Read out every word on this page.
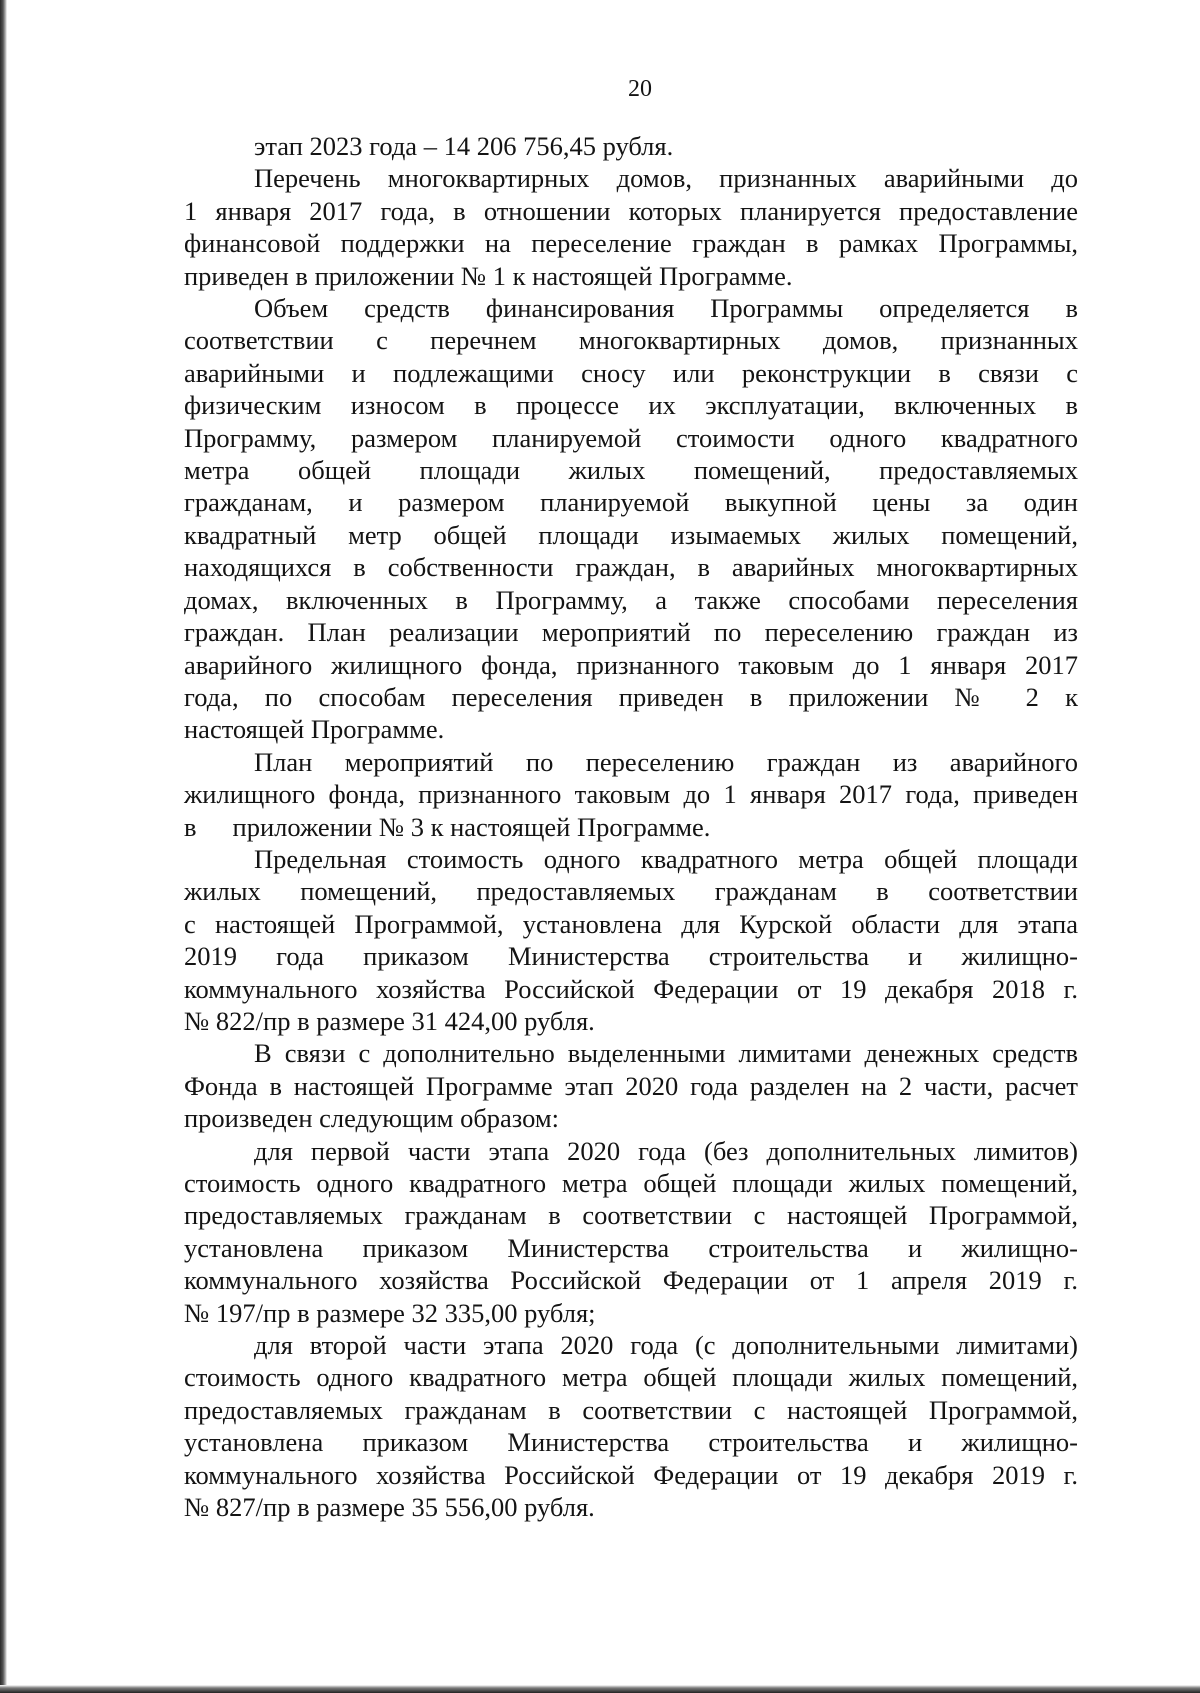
20
этап 2023 года – 14 206 756,45 рубля.
Перечень многоквартирных домов, признанных аварийными до
1 января 2017 года, в отношении которых планируется предоставление
финансовой поддержки на переселение граждан в рамках Программы,
приведен в приложении № 1 к настоящей Программе.
Объем средств финансирования Программы определяется в
соответствии с перечнем многоквартирных домов, признанных
аварийными и подлежащими сносу или реконструкции в связи с
физическим износом в процессе их эксплуатации, включенных в
Программу, размером планируемой стоимости одного квадратного
метра общей площади жилых помещений, предоставляемых
гражданам, и размером планируемой выкупной цены за один
квадратный метр общей площади изымаемых жилых помещений,
находящихся в собственности граждан, в аварийных многоквартирных
домах, включенных в Программу, а также способами переселения
граждан. План реализации мероприятий по переселению граждан из
аварийного жилищного фонда, признанного таковым до 1 января 2017
года, по способам переселения приведен в приложении № 2 к
настоящей Программе.
План мероприятий по переселению граждан из аварийного
жилищного фонда, признанного таковым до 1 января 2017 года, приведен
в приложении № 3 к настоящей Программе.
Предельная стоимость одного квадратного метра общей площади
жилых помещений, предоставляемых гражданам в соответствии
с настоящей Программой, установлена для Курской области для этапа
2019 года приказом Министерства строительства и жилищно-
коммунального хозяйства Российской Федерации от 19 декабря 2018 г.
№ 822/пр в размере 31 424,00 рубля.
В связи с дополнительно выделенными лимитами денежных средств
Фонда в настоящей Программе этап 2020 года разделен на 2 части, расчет
произведен следующим образом:
для первой части этапа 2020 года (без дополнительных лимитов)
стоимость одного квадратного метра общей площади жилых помещений,
предоставляемых гражданам в соответствии с настоящей Программой,
установлена приказом Министерства строительства и жилищно-
коммунального хозяйства Российской Федерации от 1 апреля 2019 г.
№ 197/пр в размере 32 335,00 рубля;
для второй части этапа 2020 года (с дополнительными лимитами)
стоимость одного квадратного метра общей площади жилых помещений,
предоставляемых гражданам в соответствии с настоящей Программой,
установлена приказом Министерства строительства и жилищно-
коммунального хозяйства Российской Федерации от 19 декабря 2019 г.
№ 827/пр в размере 35 556,00 рубля.
